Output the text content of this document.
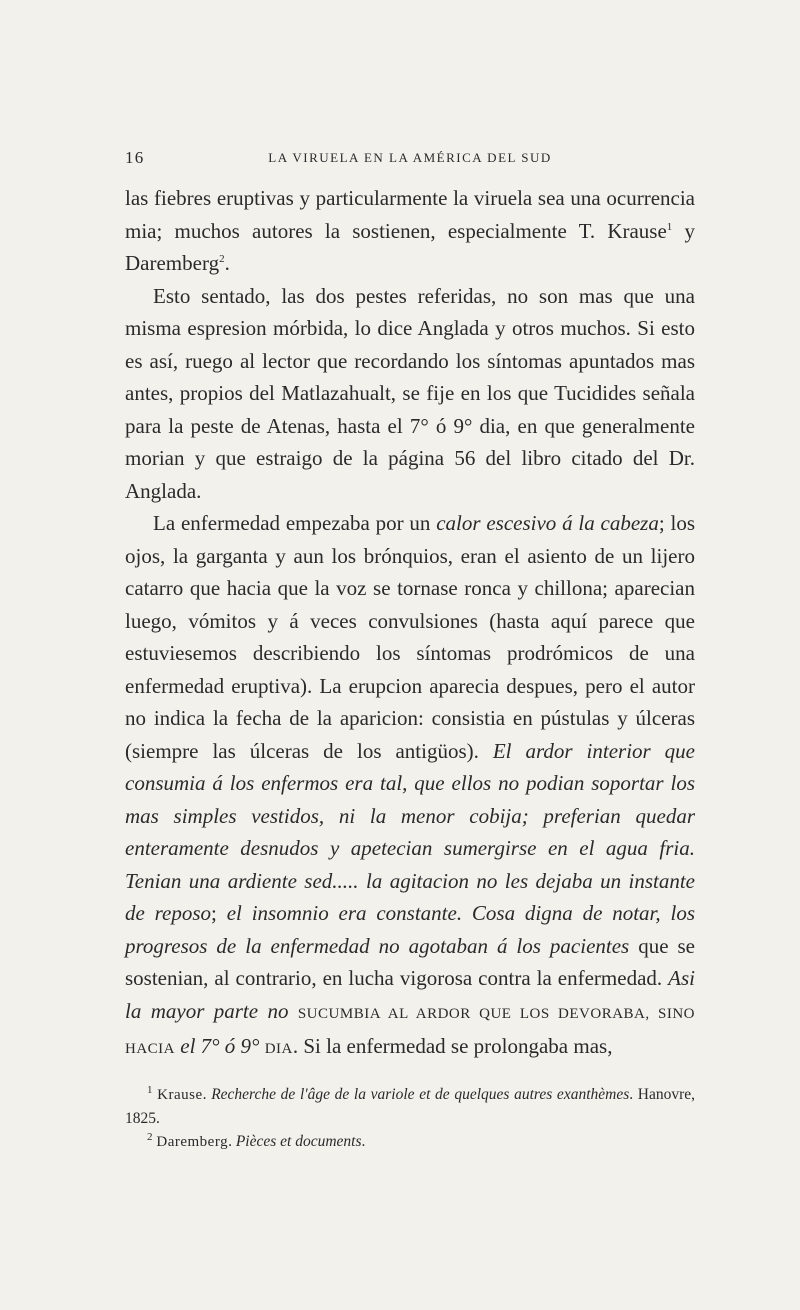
16	LA VIRUELA EN LA AMÉRICA DEL SUD

las fiebres eruptivas y particularmente la viruela sea una ocurrencia mia; muchos autores la sostienen, especialmente T. Krause$^1$ y Daremberg$^2$.

Esto sentado, las dos pestes referidas, no son mas que una misma espresion mórbida, lo dice Anglada y otros muchos. Si esto es así, ruego al lector que recordando los síntomas apuntados mas antes, propios del Matlazahualt, se fije en los que Tucidides señala para la peste de Atenas, hasta el 7° ó 9° dia, en que generalmente morian y que estraigo de la página 56 del libro citado del Dr. Anglada.

La enfermedad empezaba por un calor escesivo á la cabeza; los ojos, la garganta y aun los brónquios, eran el asiento de un lijero catarro que hacia que la voz se tornase ronca y chillona; aparecian luego, vómitos y á veces convulsiones (hasta aquí parece que estuviesemos describiendo los síntomas prodrómicos de una enfermedad eruptiva). La erupcion aparecia despues, pero el autor no indica la fecha de la aparicion: consistia en pústulas y úlceras (siempre las úlceras de los antigüos). El ardor interior que consumia á los enfermos era tal, que ellos no podian soportar los mas simples vestidos, ni la menor cobija; preferian quedar enteramente desnudos y apetecian sumergirse en el agua fria. Tenian una ardiente sed..... la agitacion no les dejaba un instante de reposo; el insomnio era constante. Cosa digna de notar, los progresos de la enfermedad no agotaban á los pacientes que se sostenian, al contrario, en lucha vigorosa contra la enfermedad. Asi la mayor parte no SUCUMBIA AL ARDOR QUE LOS DEVORABA, SINO HACIA el 7° ó 9° DIA. Si la enfermedad se prolongaba mas,

$^1$ Krause. Recherche de l'âge de la variole et de quelques autres exanthèmes. Hanovre, 1825.

$^2$ Daremberg. Pièces et documents.
